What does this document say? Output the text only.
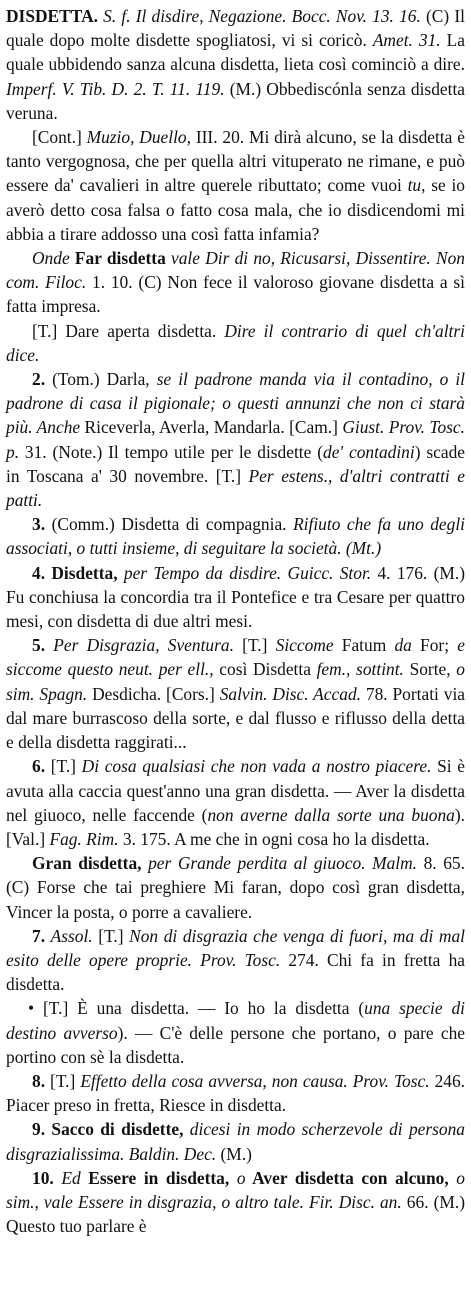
DISDETTA. S. f. Il disdire, Negazione. Bocc. Nov. 13. 16. (C) Il quale dopo molte disdette spogliatosi, vi si coricò. Amet. 31. La quale ubbidendo sanza alcuna disdetta, lieta così cominciò a dire. Imperf. V. Tib. D. 2. T. 11. 119. (M.) Obbediscónla senza disdetta veruna.

[Cont.] Muzio, Duello, III. 20. Mi dirà alcuno, se la disdetta è tanto vergognosa, che per quella altri vituperato ne rimane, e può essere da' cavalieri in altre querele ributtato; come vuoi tu, se io averò detto cosa falsa o fatto cosa mala, che io disdicendomi mi abbia a tirare addosso una così fatta infamia?

Onde Far disdetta vale Dir di no, Ricusarsi, Dissentire. Non com. Filoc. 1. 10. (C) Non fece il valoroso giovane disdetta a sì fatta impresa.

[T.] Dare aperta disdetta. Dire il contrario di quel ch'altri dice.

2. (Tom.) Darla, se il padrone manda via il contadino, o il padrone di casa il pigionale; o questi annunzi che non ci starà più. Anche Riceverla, Averla, Mandarla. [Cam.] Giust. Prov. Tosc. p. 31. (Note.) Il tempo utile per le disdette (de' contadini) scade in Toscana a' 30 novembre. [T.] Per estens., d'altri contratti e patti.

3. (Comm.) Disdetta di compagnia. Rifiuto che fa uno degli associati, o tutti insieme, di seguitare la società. (Mt.)

4. Disdetta, per Tempo da disdire. Guicc. Stor. 4. 176. (M.) Fu conchiusa la concordia tra il Pontefice e tra Cesare per quattro mesi, con disdetta di due altri mesi.

5. Per Disgrazia, Sventura. [T.] Siccome Fatum da For; e siccome questo neut. per ell., così Disdetta fem., sottint. Sorte, o sim. Spagn. Desdicha. [Cors.] Salvin. Disc. Accad. 78. Portati via dal mare burrascoso della sorte, e dal flusso e riflusso della detta e della disdetta raggirati...

6. [T.] Di cosa qualsiasi che non vada a nostro piacere. Si è avuta alla caccia quest'anno una gran disdetta. — Aver la disdetta nel giuoco, nelle faccende (non averne dalla sorte una buona). [Val.] Fag. Rim. 3. 175. A me che in ogni cosa ho la disdetta.

Gran disdetta, per Grande perdita al giuoco. Malm. 8. 65. (C) Forse che tai preghiere Mi faran, dopo così gran disdetta, Vincer la posta, o porre a cavaliere.

7. Assol. [T.] Non di disgrazia che venga di fuori, ma di mal esito delle opere proprie. Prov. Tosc. 274. Chi fa in fretta ha disdetta.

• [T.] È una disdetta. — Io ho la disdetta (una specie di destino avverso). — C'è delle persone che portano, o pare che portino con sè la disdetta.

8. [T.] Effetto della cosa avversa, non causa. Prov. Tosc. 246. Piacer preso in fretta, Riesce in disdetta.

9. Sacco di disdette, dicesi in modo scherzevole di persona disgrazialissima. Baldin. Dec. (M.)

10. Ed Essere in disdetta, o Aver disdetta con alcuno, o sim., vale Essere in disgrazia, o altro tale. Fir. Disc. an. 66. (M.) Questo tuo parlare è
